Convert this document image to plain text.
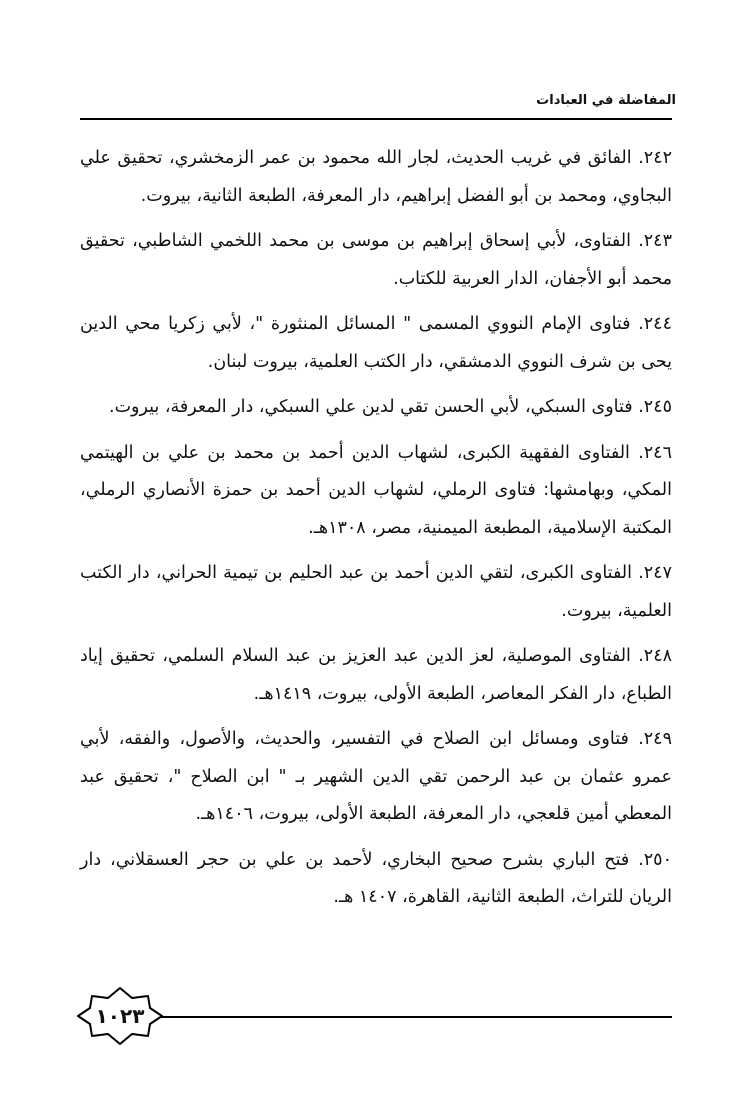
المفاضلة في العبادات

٢٤٢. الفائق في غريب الحديث، لجار الله محمود بن عمر الزمخشري، تحقيق علي البجاوي، ومحمد بن أبو الفضل إبراهيم، دار المعرفة، الطبعة الثانية، بيروت.

٢٤٣. الفتاوى، لأبي إسحاق إبراهيم بن موسى بن محمد اللخمي الشاطبي، تحقيق محمد أبو الأجفان، الدار العربية للكتاب.

٢٤٤. فتاوى الإمام النووي المسمى " المسائل المنثورة "، لأبي زكريا محي الدين يحى بن شرف النووي الدمشقي، دار الكتب العلمية، بيروت لبنان.

٢٤٥. فتاوى السبكي، لأبي الحسن تقي لدين علي السبكي، دار المعرفة، بيروت.

٢٤٦. الفتاوى الفقهية الكبرى، لشهاب الدين أحمد بن محمد بن علي بن الهيتمي المكي، وبهامشها: فتاوى الرملي، لشهاب الدين أحمد بن حمزة الأنصاري الرملي، المكتبة الإسلامية، المطبعة الميمنية، مصر، ١٣٠٨هـ.

٢٤٧. الفتاوى الكبرى، لتقي الدين أحمد بن عبد الحليم بن تيمية الحراني، دار الكتب العلمية، بيروت.

٢٤٨. الفتاوى الموصلية، لعز الدين عبد العزيز بن عبد السلام السلمي، تحقيق إياد الطباع، دار الفكر المعاصر، الطبعة الأولى، بيروت، ١٤١٩هـ.

٢٤٩. فتاوى ومسائل ابن الصلاح في التفسير، والحديث، والأصول، والفقه، لأبي عمرو عثمان بن عبد الرحمن تقي الدين الشهير بـ " ابن الصلاح "، تحقيق عبد المعطي أمين قلعجي، دار المعرفة، الطبعة الأولى، بيروت، ١٤٠٦هـ.

٢٥٠. فتح الباري بشرح صحيح البخاري، لأحمد بن علي بن حجر العسقلاني، دار الريان للتراث، الطبعة الثانية، القاهرة، ١٤٠٧ هـ.

١٠٢٣
